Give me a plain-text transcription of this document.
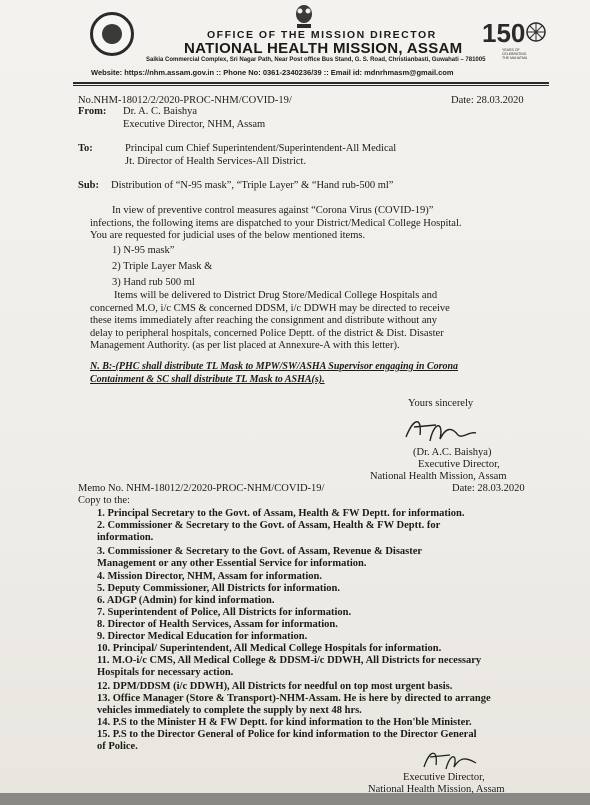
150
YEARS OF
CELEBRATING
THE MAHATMA
OFFICE OF THE MISSION DIRECTOR
NATIONAL HEALTH MISSION, ASSAM
Saikia Commercial Complex, Sri Nagar Path, Near Post office Bus Stand, G. S. Road, Christianbasti, Guwahati – 781005
Website: https://nhm.assam.gov.in :: Phone No: 0361-2340236/39 :: Email id: mdnrhmasm@gmail.com
No.NHM-18012/2/2020-PROC-NHM/COVID-19/	Date: 28.03.2020
From: Dr. A. C. Baishya
Executive Director, NHM, Assam
To:	Principal cum Chief Superintendent/Superintendent-All Medical
Jt. Director of Health Services-All District.
Sub: Distribution of “N-95 mask”, “Triple Layer” & “Hand rub-500 ml”
In view of preventive control measures against “Corona Virus (COVID-19)”
infections, the following items are dispatched to your District/Medical College Hospital.
You are requested for judicial uses of the below mentioned items.
1) N-95 mask”
2) Triple Layer Mask &
3) Hand rub 500 ml
Items will be delivered to District Drug Store/Medical College Hospitals and
concerned M.O, i/c CMS & concerned DDSM, i/c DDWH may be directed to receive
these items immediately after reaching the consignment and distribute without any
delay to peripheral hospitals, concerned Police Deptt. of the district & Dist. Disaster
Management Authority. (as per list placed at Annexure-A with this letter).
N. B:-(PHC shall distribute TL Mask to MPW/SW/ASHA Supervisor engaging in Corona
Containment & SC shall distribute TL Mask to ASHA(s).
Yours sincerely
(Dr. A.C. Baishya)
Executive Director,
National Health Mission, Assam
Memo No. NHM-18012/2/2020-PROC-NHM/COVID-19/	Date: 28.03.2020
Copy to the:
1. Principal Secretary to the Govt. of Assam, Health & FW Deptt. for information.
2. Commissioner & Secretary to the Govt. of Assam, Health & FW Deptt. for
information.
3. Commissioner & Secretary to the Govt. of Assam, Revenue & Disaster
Management or any other Essential Service for information.
4. Mission Director, NHM, Assam for information.
5. Deputy Commissioner, All Districts for information.
6. ADGP (Admin) for kind information.
7. Superintendent of Police, All Districts for information.
8. Director of Health Services, Assam for information.
9. Director Medical Education for information.
10. Principal/ Superintendent, All Medical College Hospitals for information.
11. M.O-i/c CMS, All Medical College & DDSM-i/c DDWH, All Districts for necessary
Hospitals for necessary action.
12. DPM/DDSM (i/c DDWH), All Districts for needful on top most urgent basis.
13. Office Manager (Store & Transport)-NHM-Assam. He is here by directed to arrange
vehicles immediately to complete the supply by next 48 hrs.
14. P.S to the Minister H & FW Deptt. for kind information to the Hon'ble Minister.
15. P.S to the Director General of Police for kind information to the Director General
of Police.
Executive Director,
National Health Mission, Assam
